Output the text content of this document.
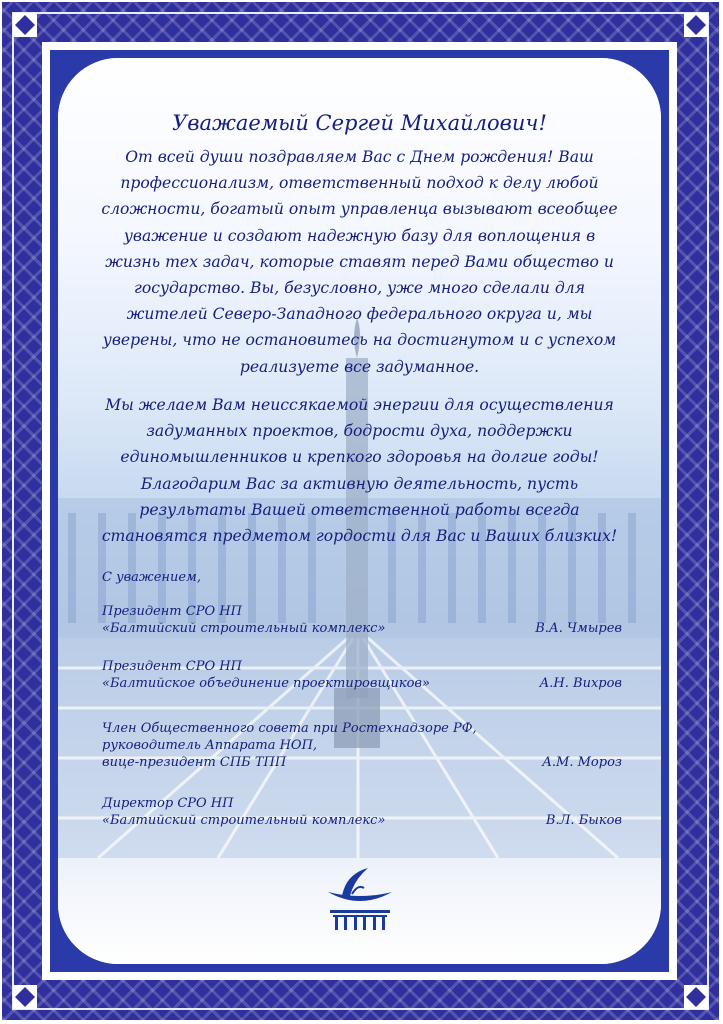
Уважаемый Сергей Михайлович!
От всей души поздравляем Вас с Днем рождения! Ваш профессионализм, ответственный подход к делу любой сложности, богатый опыт управленца вызывают всеобщее уважение и создают надежную базу для воплощения в жизнь тех задач, которые ставят перед Вами общество и государство. Вы, безусловно, уже много сделали для жителей Северо-Западного федерального округа и, мы уверены, что не остановитесь на достигнутом и с успехом реализуете все задуманное.
Мы желаем Вам неиссякаемой энергии для осуществления задуманных проектов, бодрости духа, поддержки единомышленников и крепкого здоровья на долгие годы!
Благодарим Вас за активную деятельность, пусть результаты Вашей ответственной работы всегда становятся предметом гордости для Вас и Ваших близких!
С уважением,
Президент СРО НП
«Балтийский строительный комплекс»	В.А. Чмырев
Президент СРО НП
«Балтийское объединение проектировщиков»	А.Н. Вихров
Член Общественного совета при Ростехнадзоре РФ,
руководитель Аппарата НОП,
вице-президент СПБ ТПП	А.М. Мороз
Директор СРО НП
«Балтийский строительный комплекс»	В.Л. Быков
